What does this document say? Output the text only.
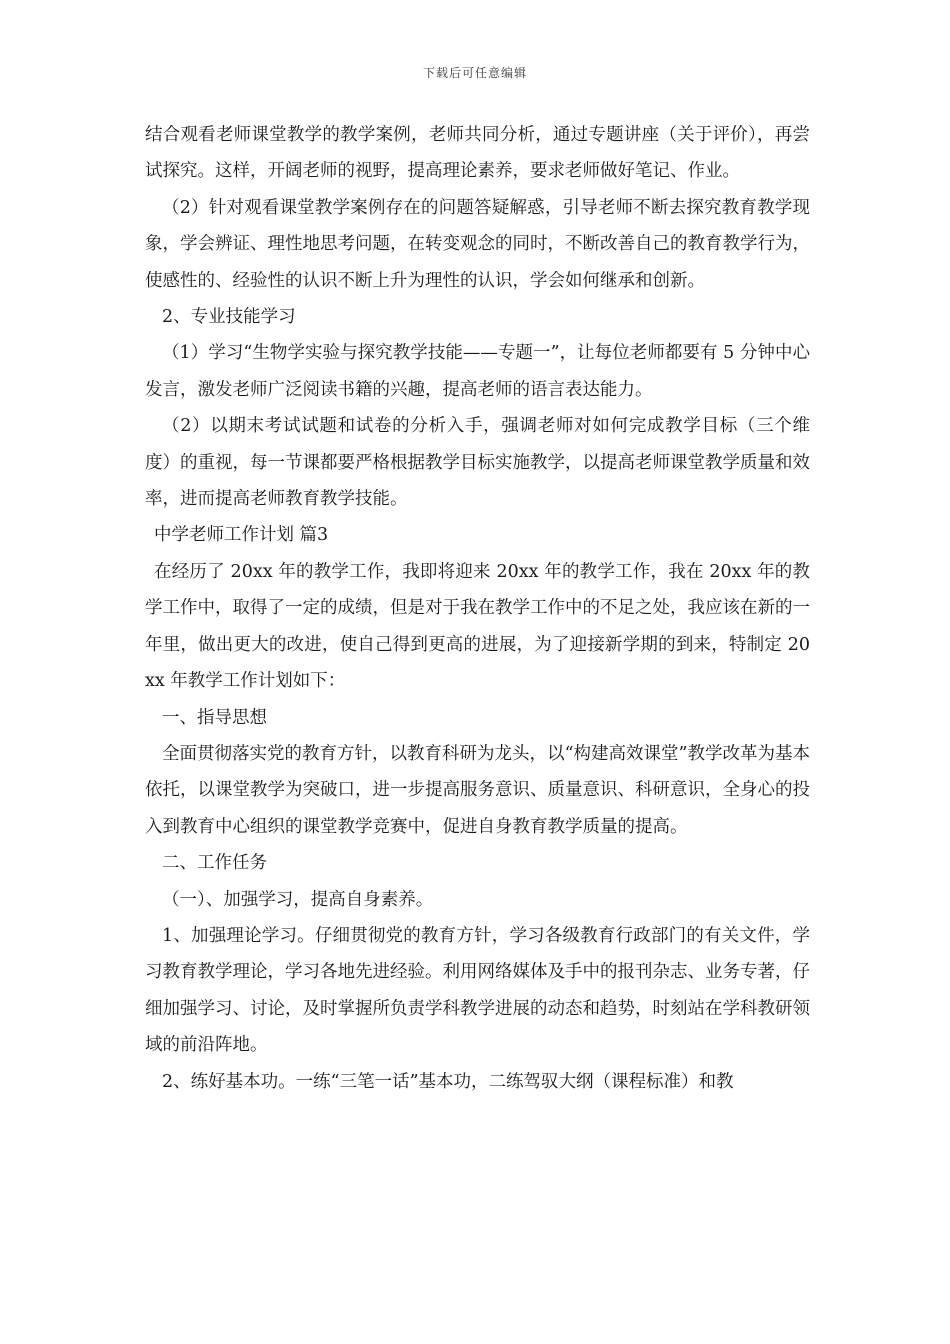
下载后可任意编辑

结合观看老师课堂教学的教学案例，老师共同分析，通过专题讲座（关于评价），再尝试探究。这样，开阔老师的视野，提高理论素养，要求老师做好笔记、作业。

（2）针对观看课堂教学案例存在的问题答疑解惑，引导老师不断去探究教育教学现象，学会辨证、理性地思考问题，在转变观念的同时，不断改善自己的教育教学行为，使感性的、经验性的认识不断上升为理性的认识，学会如何继承和创新。

2、专业技能学习

（1）学习“生物学实验与探究教学技能——专题一”，让每位老师都要有 5 分钟中心发言，激发老师广泛阅读书籍的兴趣，提高老师的语言表达能力。

（2）以期末考试试题和试卷的分析入手，强调老师对如何完成教学目标（三个维度）的重视，每一节课都要严格根据教学目标实施教学，以提高老师课堂教学质量和效率，进而提高老师教育教学技能。

中学老师工作计划 篇3

在经历了 20xx 年的教学工作，我即将迎来 20xx 年的教学工作，我在 20xx 年的教学工作中，取得了一定的成绩，但是对于我在教学工作中的不足之处，我应该在新的一年里，做出更大的改进，使自己得到更高的进展，为了迎接新学期的到来，特制定 20xx 年教学工作计划如下：

一、指导思想

全面贯彻落实党的教育方针，以教育科研为龙头，以“构建高效课堂”教学改革为基本依托，以课堂教学为突破口，进一步提高服务意识、质量意识、科研意识，全身心的投入到教育中心组织的课堂教学竞赛中，促进自身教育教学质量的提高。

二、工作任务

（一）、加强学习，提高自身素养。

1、加强理论学习。仔细贯彻党的教育方针，学习各级教育行政部门的有关文件，学习教育教学理论，学习各地先进经验。利用网络媒体及手中的报刊杂志、业务专著，仔细加强学习、讨论，及时掌握所负责学科教学进展的动态和趋势，时刻站在学科教研领域的前沿阵地。

2、练好基本功。一练“三笔一话”基本功，二练驾驭大纲（课程标准）和教
